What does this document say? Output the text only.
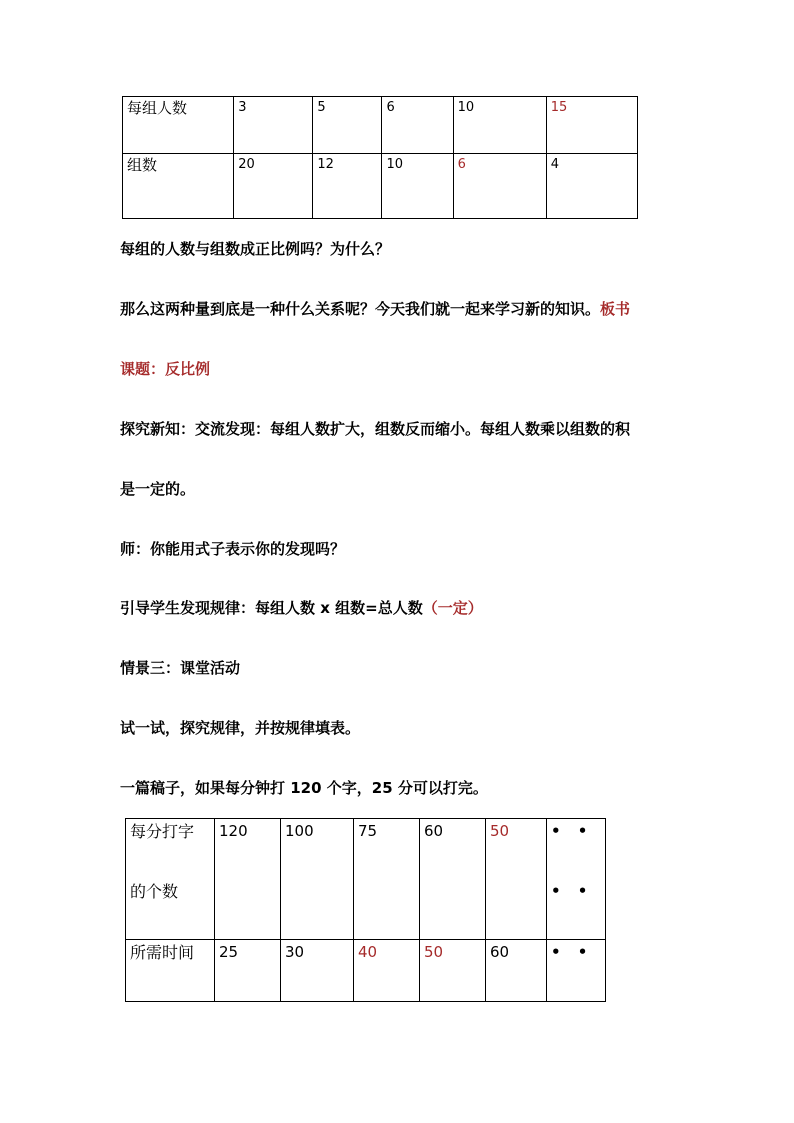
每组人数	3	5	6	10	15
组数	20	12	10	6	4
每组的人数与组数成正比例吗？为什么？
那么这两种量到底是一种什么关系呢？今天我们就一起来学习新的知识。板书
课题：反比例
探究新知：交流发现：每组人数扩大，组数反而缩小。每组人数乘以组数的积
是一定的。
师：你能用式子表示你的发现吗？
引导学生发现规律：每组人数 x 组数=总人数（一定）
情景三：课堂活动
试一试，探究规律，并按规律填表。
一篇稿子，如果每分钟打 120 个字，25 分可以打完。
每分打字
的个数	120	100	75	60	50	• •
• •

所需时间	25	30	40	50	60	• •
